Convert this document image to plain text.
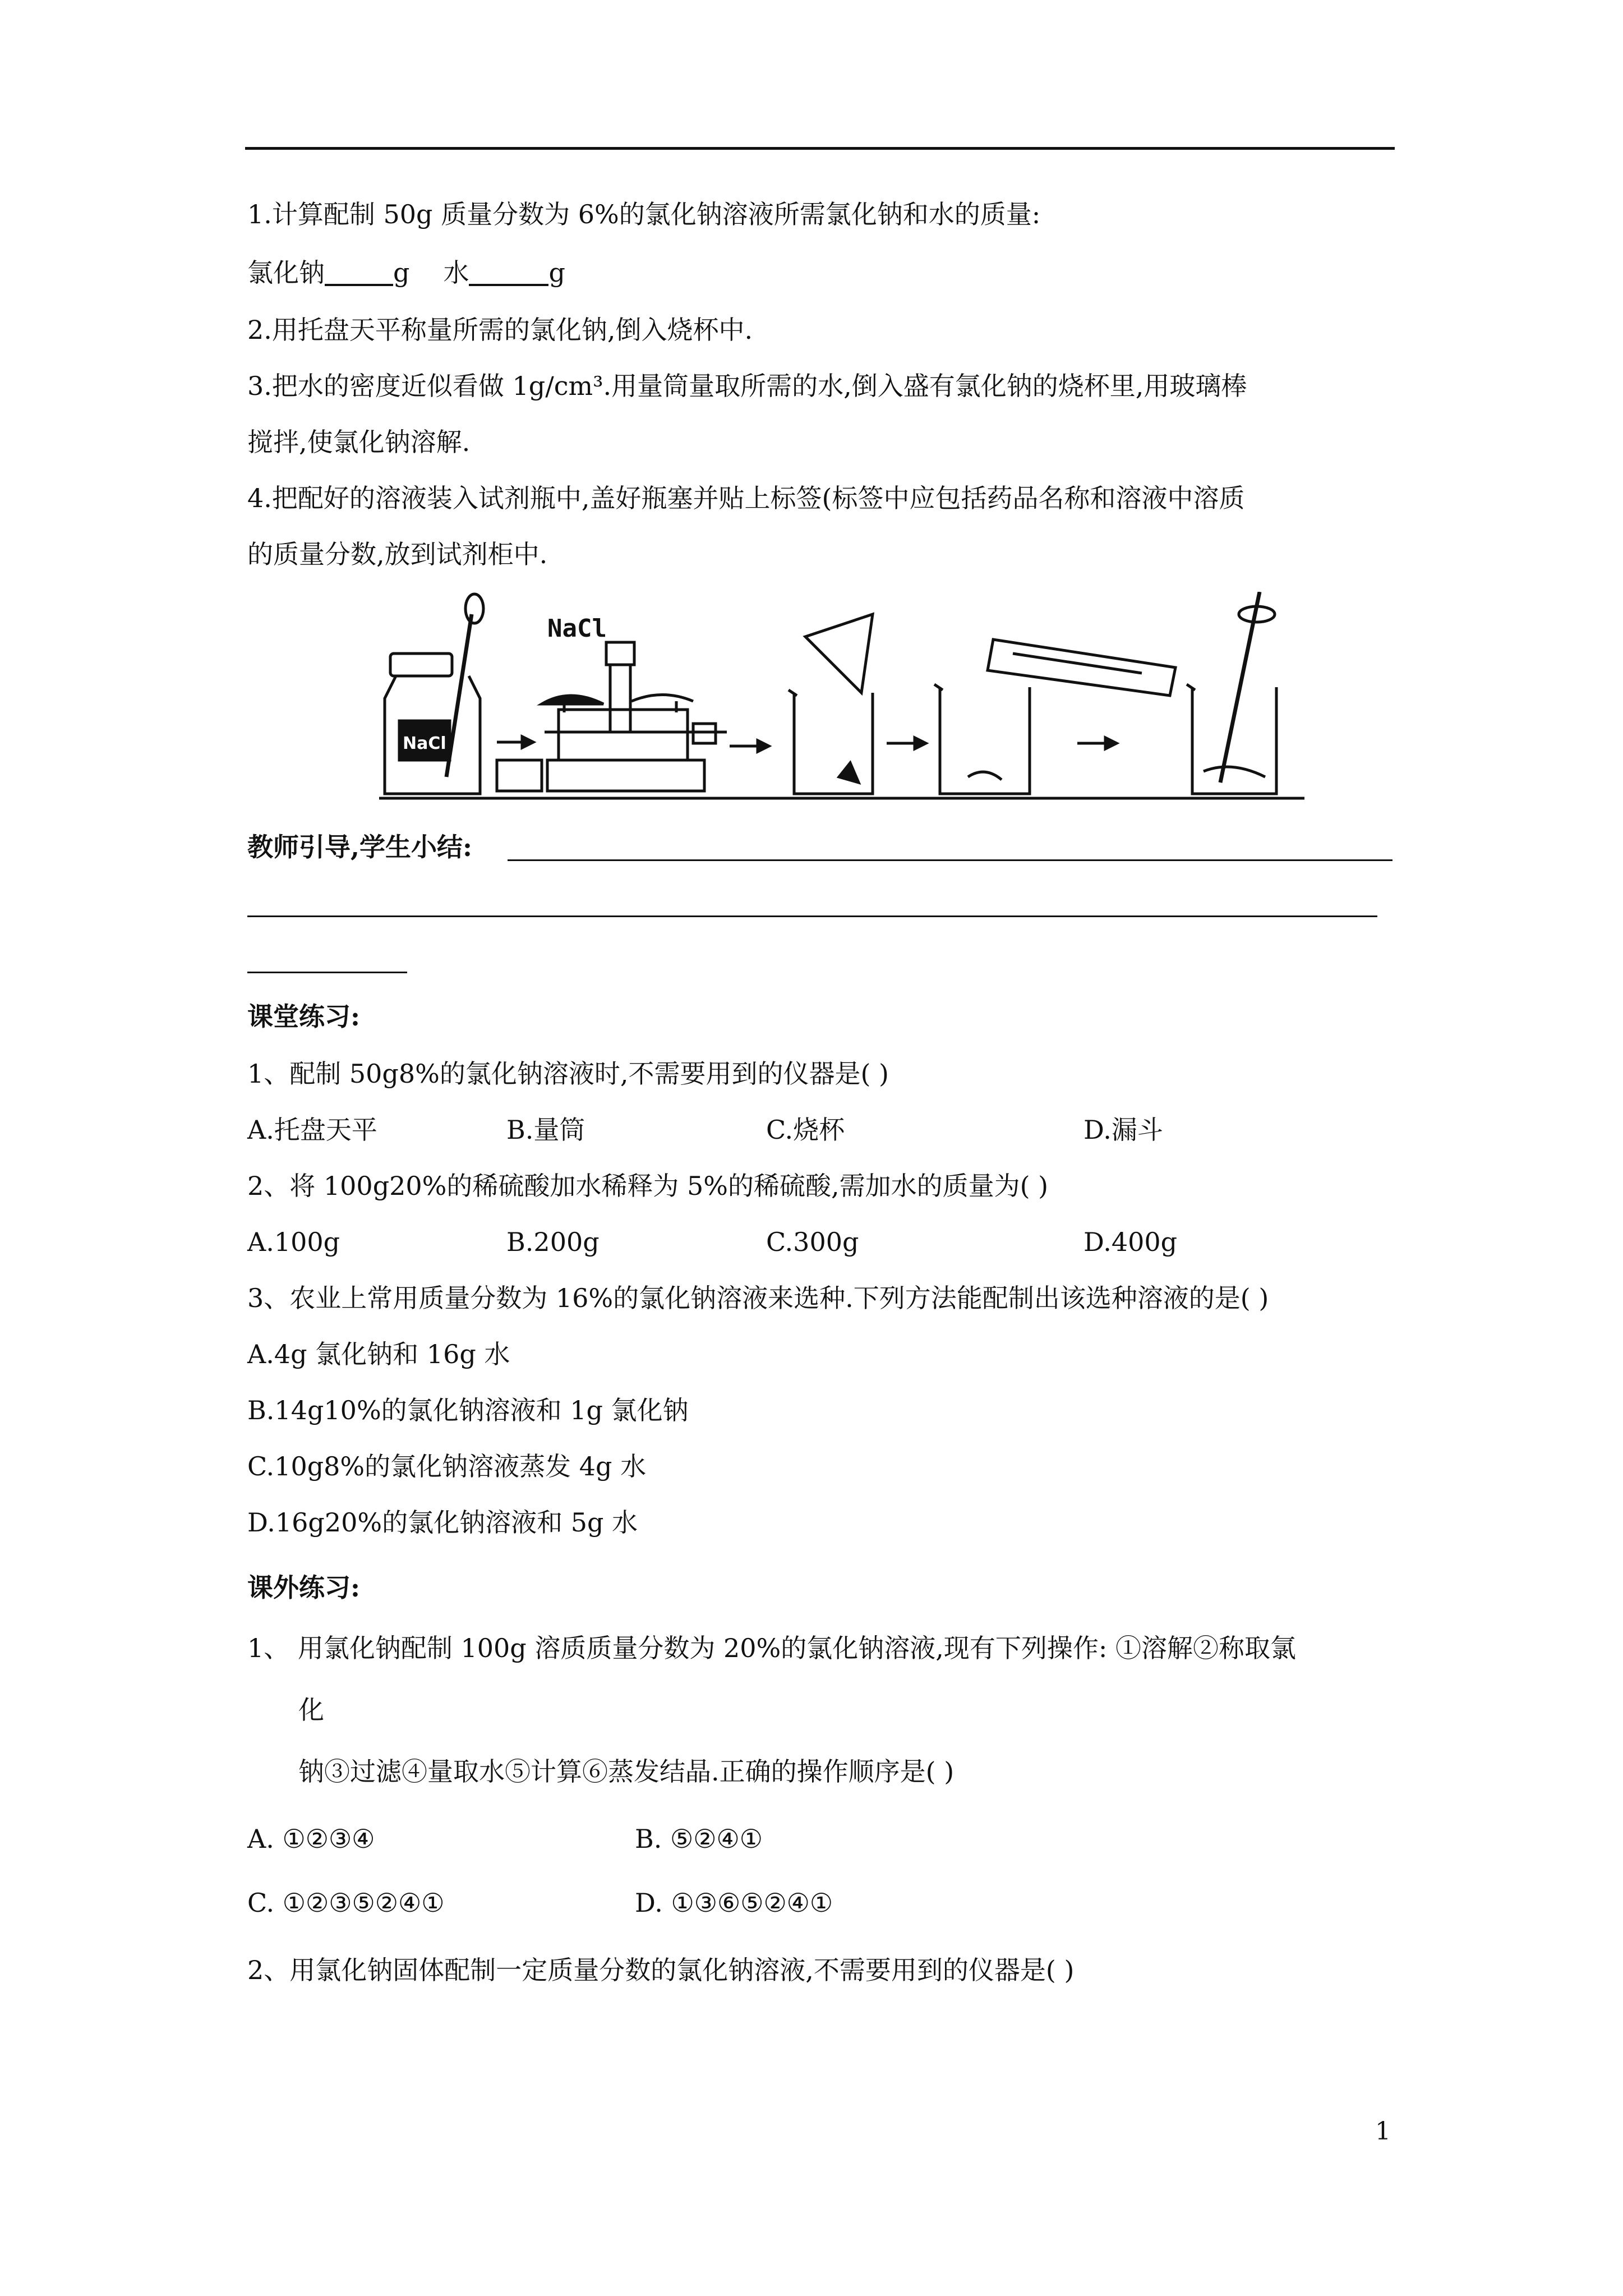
1.计算配制 50g 质量分数为 6%的氯化钠溶液所需氯化钠和水的质量:
氯化钠	g 水	g
2.用托盘天平称量所需的氯化钠,倒入烧杯中.
3.把水的密度近似看做 1g/cm³.用量筒量取所需的水,倒入盛有氯化钠的烧杯里,用玻璃棒
搅拌,使氯化钠溶解.
4.把配好的溶液装入试剂瓶中,盖好瓶塞并贴上标签(标签中应包括药品名称和溶液中溶质
的质量分数,放到试剂柜中.
NaCl
NaCl
教师引导,学生小结:
课堂练习:
1、配制 50g8%的氯化钠溶液时,不需要用到的仪器是( )
A.托盘天平	B.量筒	C.烧杯	D.漏斗
2、将 100g20%的稀硫酸加水稀释为 5%的稀硫酸,需加水的质量为( )
A.100g	B.200g	C.300g	D.400g
3、农业上常用质量分数为 16%的氯化钠溶液来选种.下列方法能配制出该选种溶液的是( )
A.4g 氯化钠和 16g 水
B.14g10%的氯化钠溶液和 1g 氯化钠
C.10g8%的氯化钠溶液蒸发 4g 水
D.16g20%的氯化钠溶液和 5g 水
课外练习:
1、 用氯化钠配制 100g 溶质质量分数为 20%的氯化钠溶液,现有下列操作: ①溶解②称取氯
化
钠③过滤④量取水⑤计算⑥蒸发结晶.正确的操作顺序是( )
A. ①②③④	B. ⑤②④①
C. ①②③⑤②④①	D. ①③⑥⑤②④①
2、用氯化钠固体配制一定质量分数的氯化钠溶液,不需要用到的仪器是( )
1
